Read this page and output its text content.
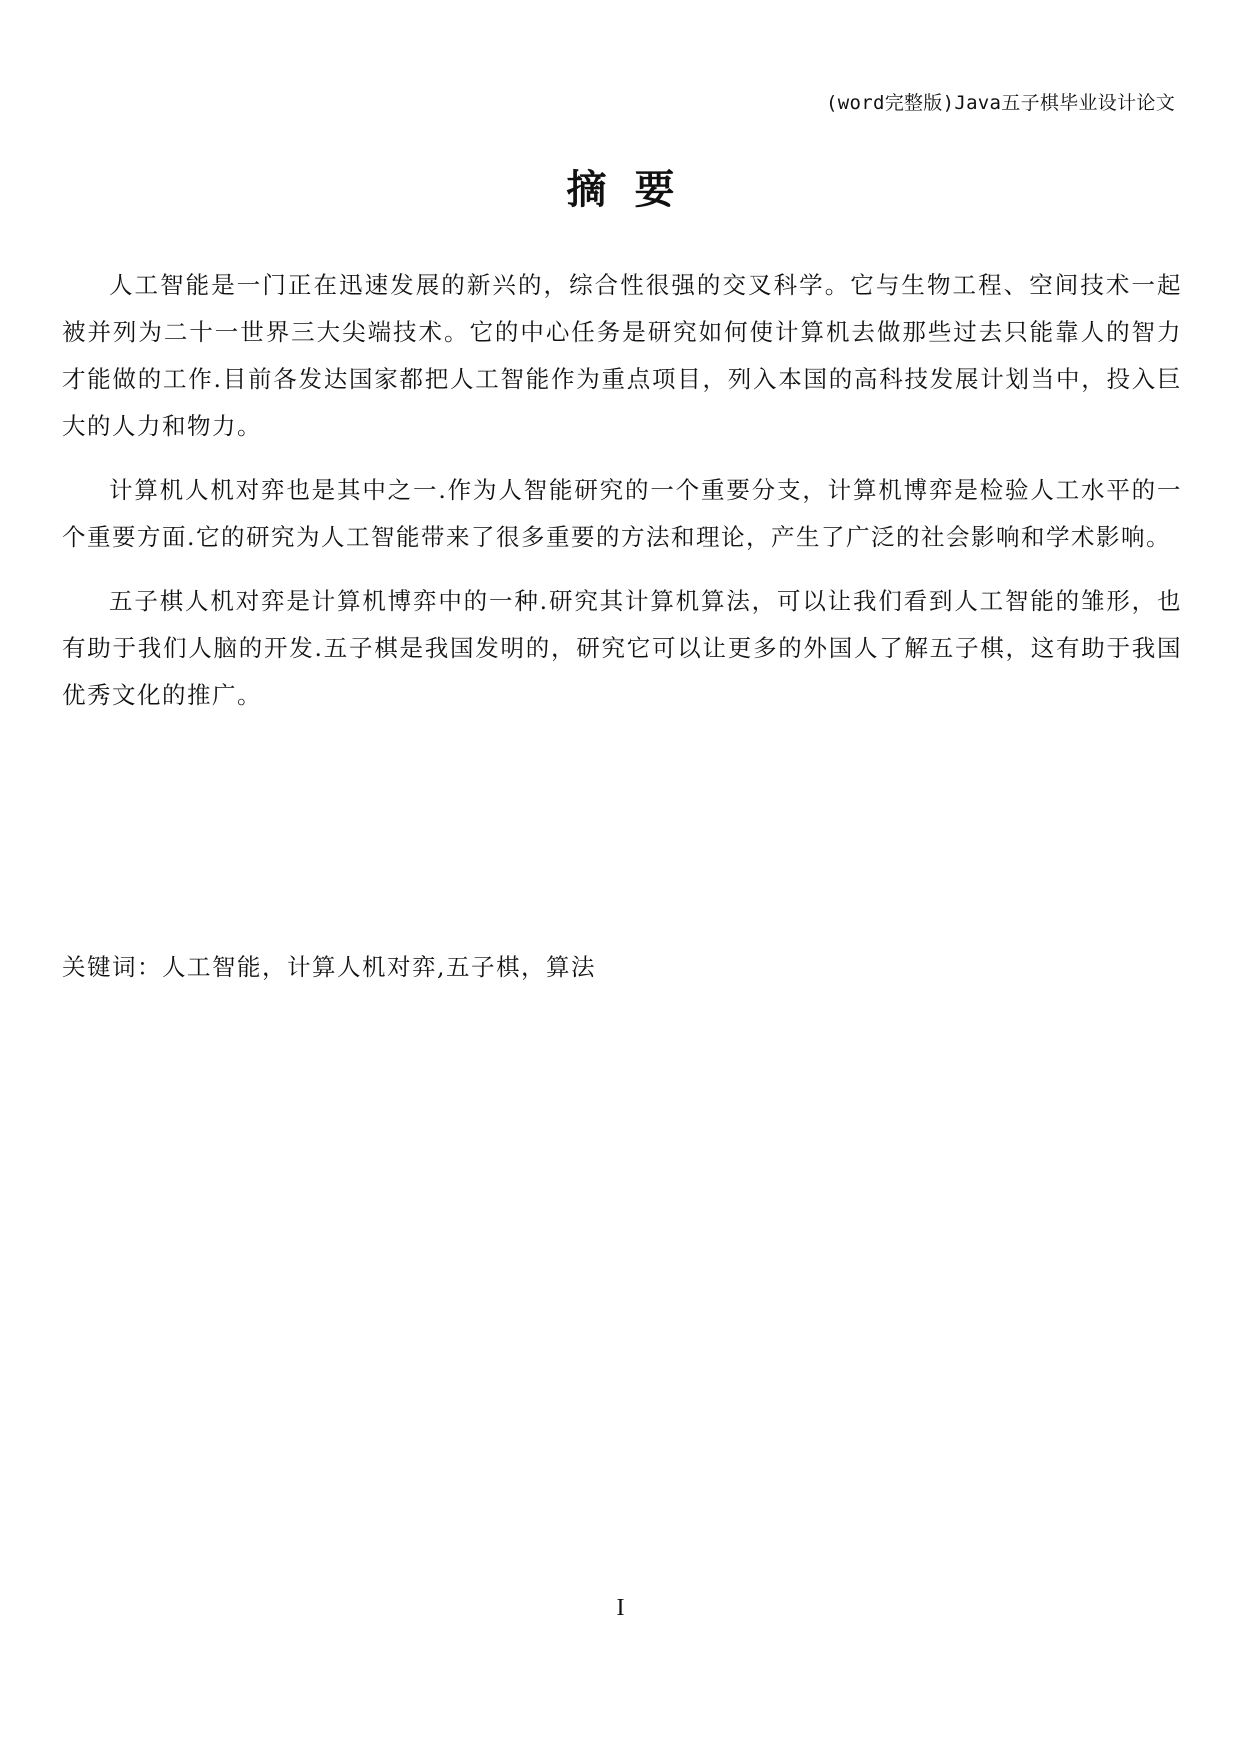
(word完整版)Java五子棋毕业设计论文
摘要

人工智能是一门正在迅速发展的新兴的，综合性很强的交叉科学。它与生物工程、空间技术一起被并列为二十一世界三大尖端技术。它的中心任务是研究如何使计算机去做那些过去只能靠人的智力才能做的工作.目前各发达国家都把人工智能作为重点项目，列入本国的高科技发展计划当中，投入巨大的人力和物力。

计算机人机对弈也是其中之一.作为人智能研究的一个重要分支，计算机博弈是检验人工水平的一个重要方面.它的研究为人工智能带来了很多重要的方法和理论，产生了广泛的社会影响和学术影响。

五子棋人机对弈是计算机博弈中的一种.研究其计算机算法，可以让我们看到人工智能的雏形，也有助于我们人脑的开发.五子棋是我国发明的，研究它可以让更多的外国人了解五子棋，这有助于我国优秀文化的推广。

关键词：人工智能，计算人机对弈,五子棋，算法
I
